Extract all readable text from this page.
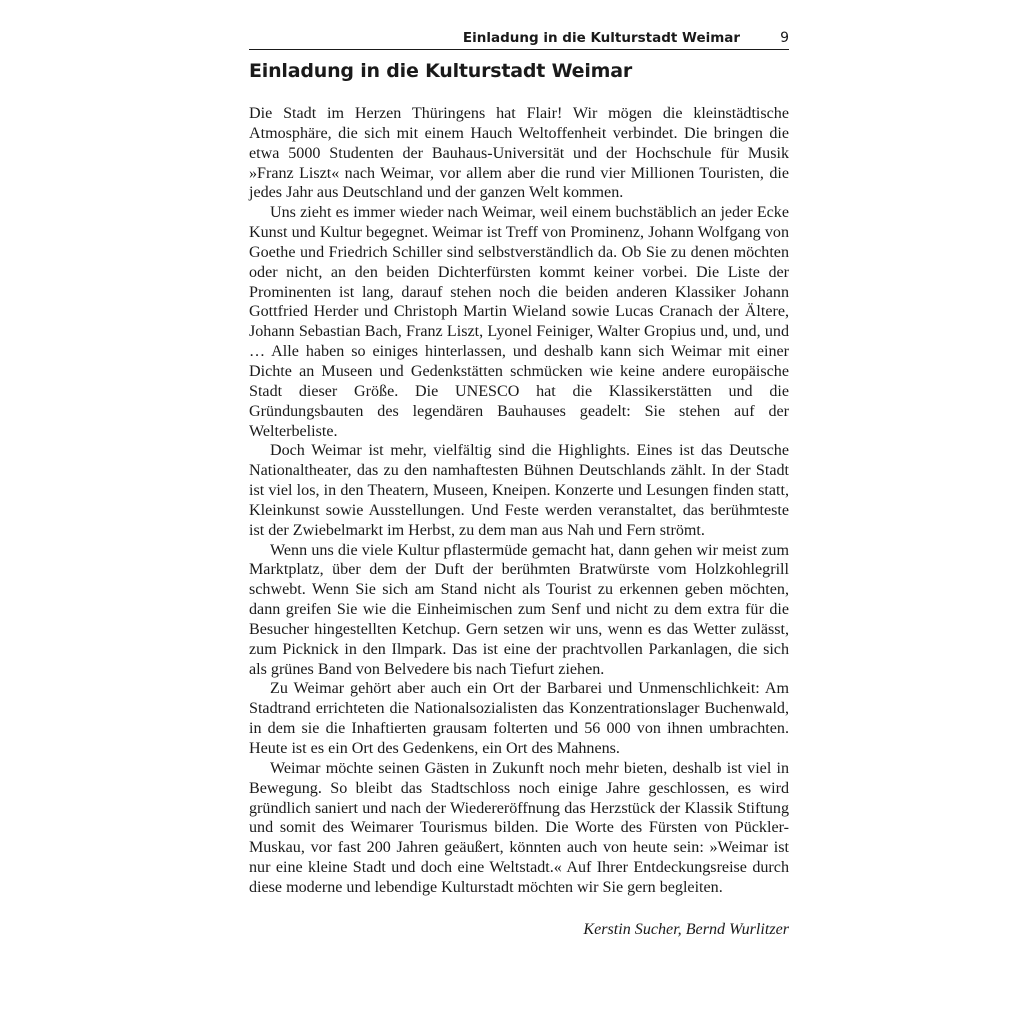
Einladung in die Kulturstadt Weimar	9
Einladung in die Kulturstadt Weimar

Die Stadt im Herzen Thüringens hat Flair! Wir mögen die kleinstädtische Atmosphäre, die sich mit einem Hauch Weltoffenheit verbindet. Die bringen die etwa 5000 Studenten der Bauhaus-Universität und der Hochschule für Musik »Franz Liszt« nach Weimar, vor allem aber die rund vier Millionen Touristen, die jedes Jahr aus Deutschland und der ganzen Welt kommen.

Uns zieht es immer wieder nach Weimar, weil einem buchstäblich an jeder Ecke Kunst und Kultur begegnet. Weimar ist Treff von Prominenz, Johann Wolfgang von Goethe und Friedrich Schiller sind selbstverständlich da. Ob Sie zu denen möchten oder nicht, an den beiden Dichterfürsten kommt keiner vorbei. Die Liste der Prominenten ist lang, darauf stehen noch die beiden anderen Klassiker Johann Gottfried Herder und Christoph Martin Wieland sowie Lucas Cranach der Ältere, Johann Sebastian Bach, Franz Liszt, Lyonel Feiniger, Walter Gropius und, und, und … Alle haben so einiges hinterlassen, und deshalb kann sich Weimar mit einer Dichte an Museen und Gedenkstätten schmücken wie keine andere europäische Stadt dieser Größe. Die UNESCO hat die Klassikerstätten und die Gründungsbauten des legendären Bauhauses geadelt: Sie stehen auf der Welterbeliste.

Doch Weimar ist mehr, vielfältig sind die Highlights. Eines ist das Deutsche Nationaltheater, das zu den namhaftesten Bühnen Deutschlands zählt. In der Stadt ist viel los, in den Theatern, Museen, Kneipen. Konzerte und Lesungen finden statt, Kleinkunst sowie Ausstellungen. Und Feste werden veranstaltet, das berühmteste ist der Zwiebelmarkt im Herbst, zu dem man aus Nah und Fern strömt.

Wenn uns die viele Kultur pflastermüde gemacht hat, dann gehen wir meist zum Marktplatz, über dem der Duft der berühmten Bratwürste vom Holzkohlegrill schwebt. Wenn Sie sich am Stand nicht als Tourist zu erkennen geben möchten, dann greifen Sie wie die Einheimischen zum Senf und nicht zu dem extra für die Besucher hingestellten Ketchup. Gern setzen wir uns, wenn es das Wetter zulässt, zum Picknick in den Ilmpark. Das ist eine der prachtvollen Parkanlagen, die sich als grünes Band von Belvedere bis nach Tiefurt ziehen.

Zu Weimar gehört aber auch ein Ort der Barbarei und Unmenschlichkeit: Am Stadtrand errichteten die Nationalsozialisten das Konzentrationslager Buchenwald, in dem sie die Inhaftierten grausam folterten und 56 000 von ihnen umbrachten. Heute ist es ein Ort des Gedenkens, ein Ort des Mahnens.

Weimar möchte seinen Gästen in Zukunft noch mehr bieten, deshalb ist viel in Bewegung. So bleibt das Stadtschloss noch einige Jahre geschlossen, es wird gründlich saniert und nach der Wiedereröffnung das Herzstück der Klassik Stiftung und somit des Weimarer Tourismus bilden. Die Worte des Fürsten von Pückler-Muskau, vor fast 200 Jahren geäußert, könnten auch von heute sein: »Weimar ist nur eine kleine Stadt und doch eine Weltstadt.« Auf Ihrer Entdeckungsreise durch diese moderne und lebendige Kulturstadt möchten wir Sie gern begleiten.

Kerstin Sucher, Bernd Wurlitzer
